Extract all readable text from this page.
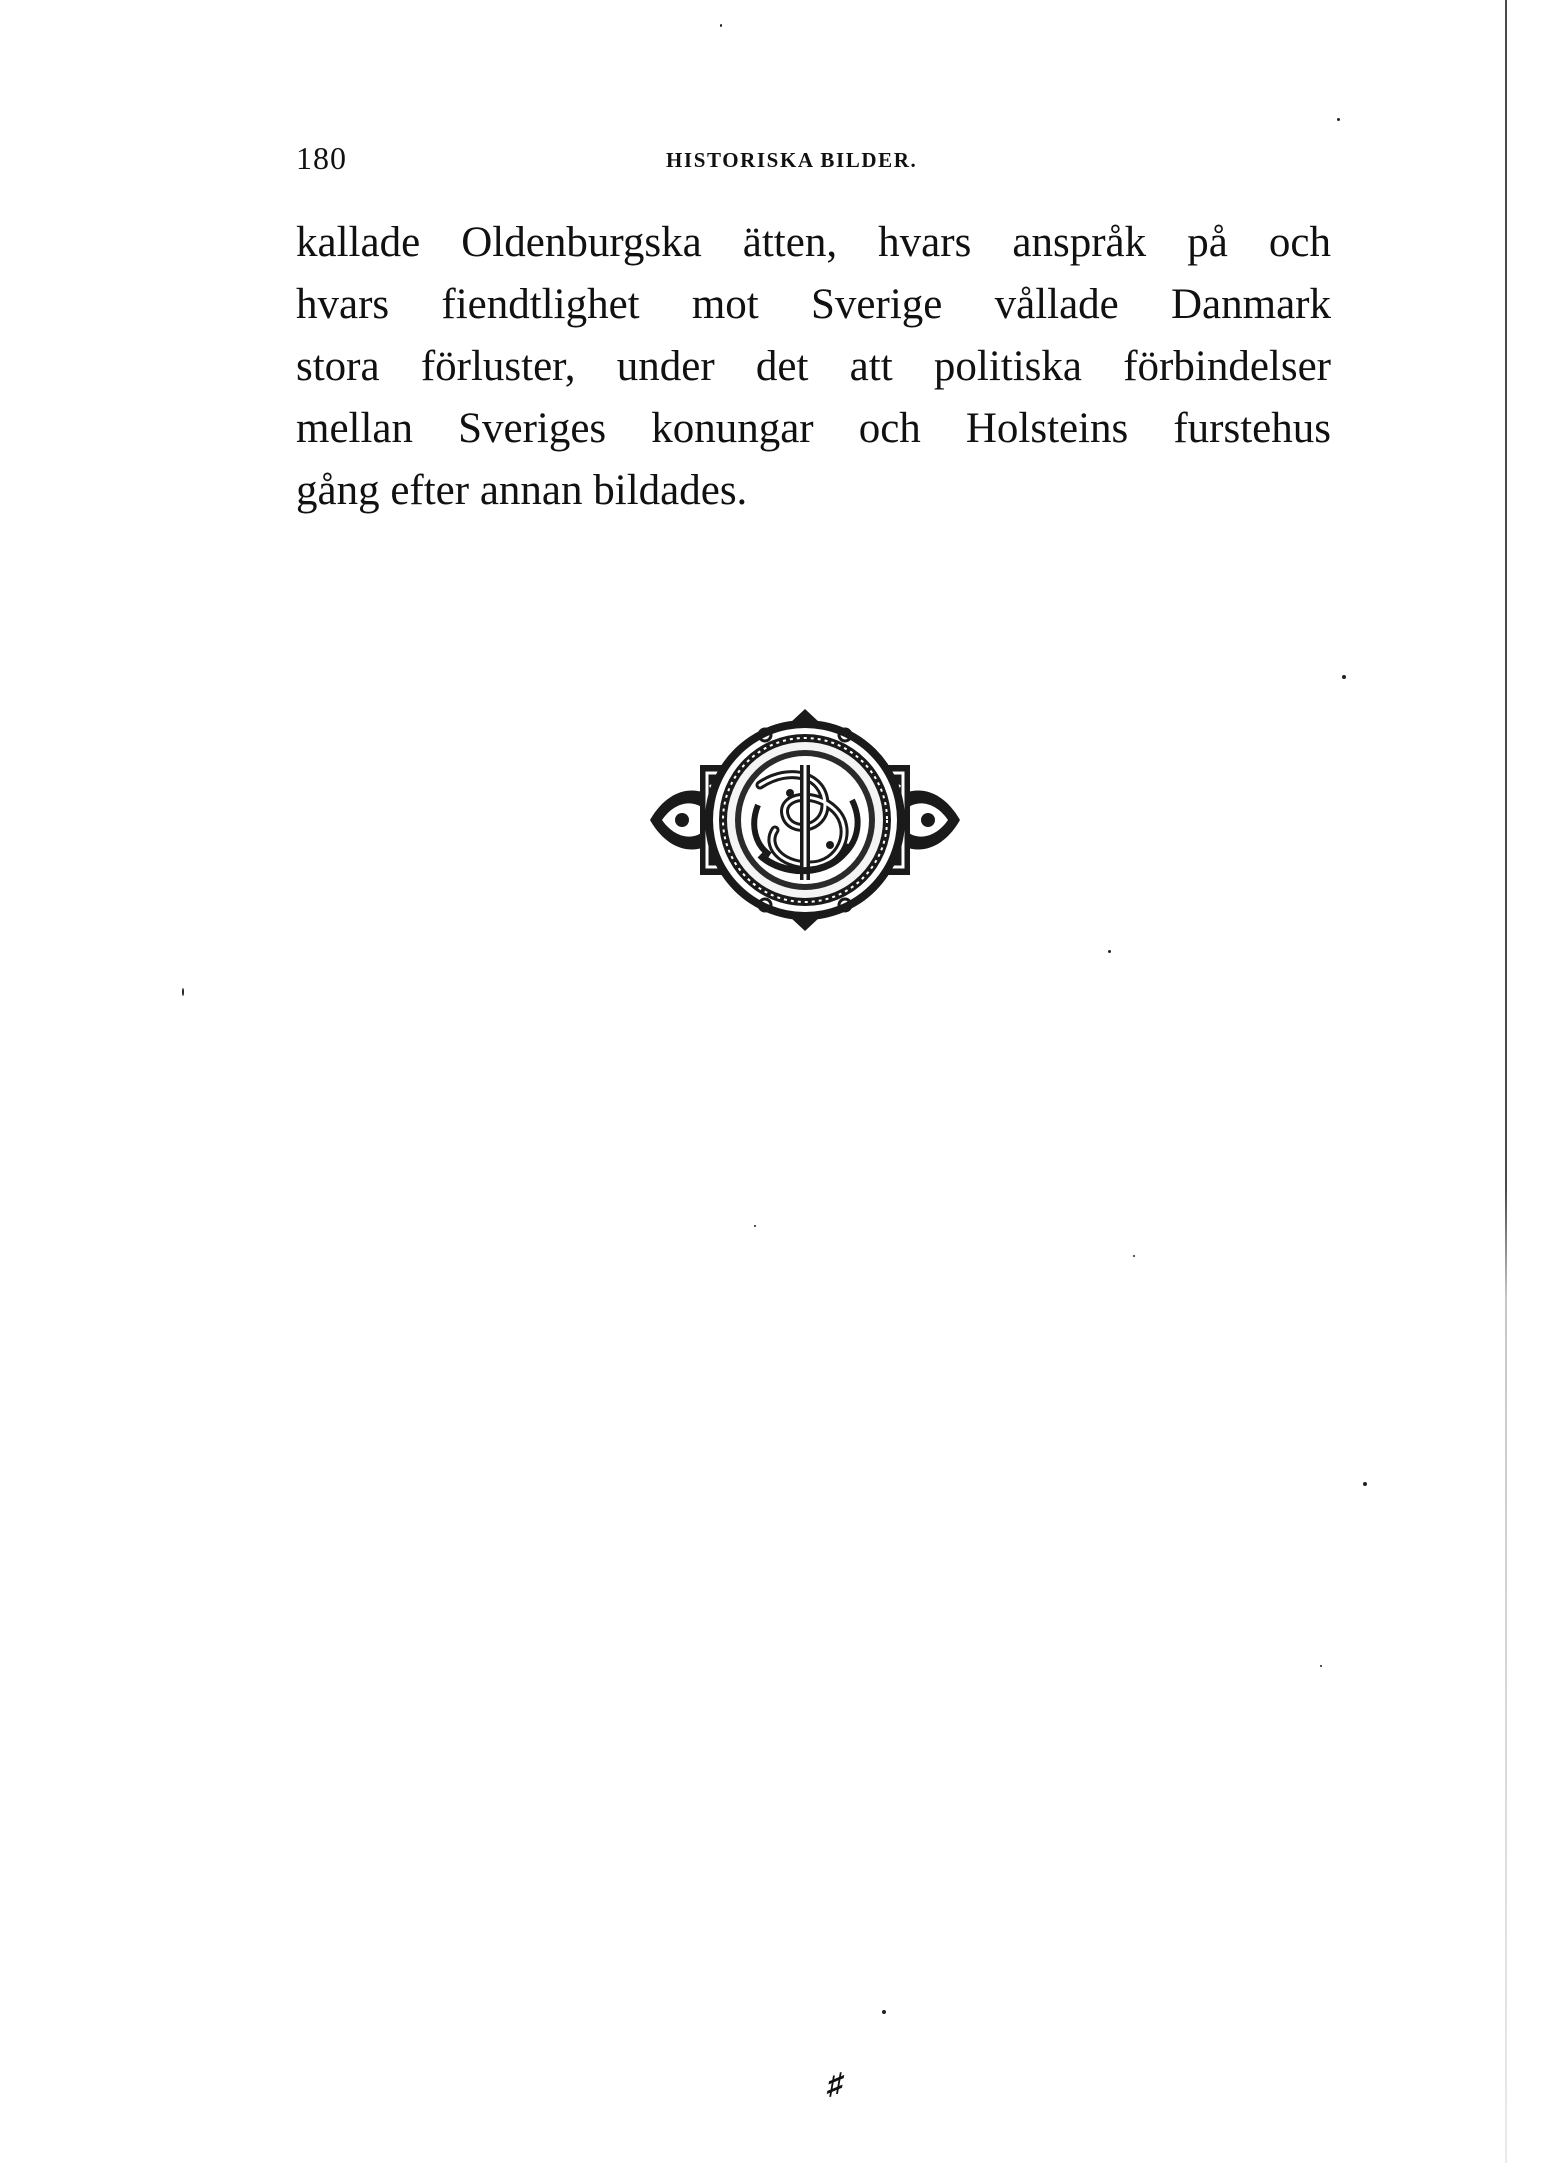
180	HISTORISKA BILDER.
kallade Oldenburgska ätten, hvars anspråk på och
hvars fiendtlighet mot Sverige vållade Danmark
stora förluster, under det att politiska förbindelser
mellan Sveriges konungar och Holsteins furstehus
gång efter annan bildades.
♯
